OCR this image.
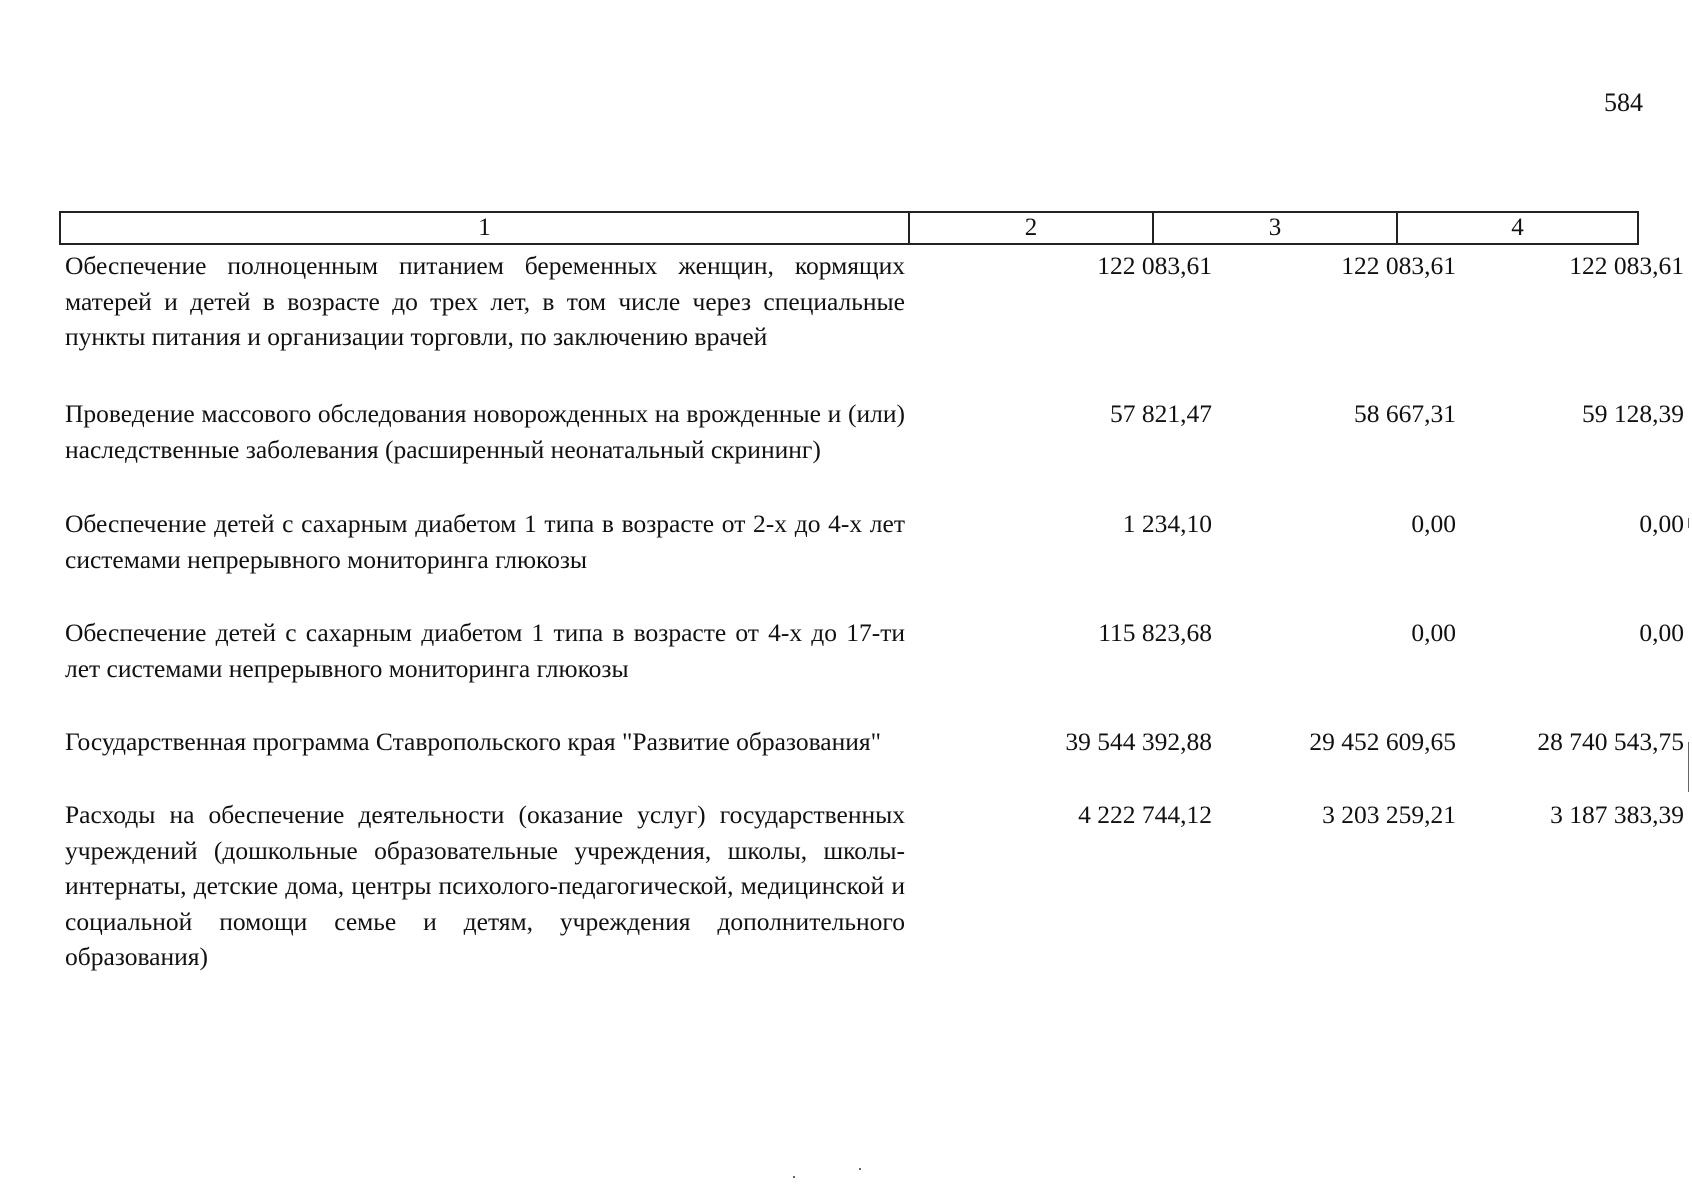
584
1	2	3	4
Обеспечение полноценным питанием беременных женщин, кормящих матерей и детей в возрасте до трех лет, в том числе через специальные пункты питания и организации торговли, по заключению врачей
122 083,61	122 083,61	122 083,61
Проведение массового обследования новорожденных на врожденные и (или) наследственные заболевания (расширенный неонатальный скрининг)
57 821,47	58 667,31	59 128,39
Обеспечение детей с сахарным диабетом 1 типа в возрасте от 2-х до 4-х лет системами непрерывного мониторинга глюкозы
1 234,10	0,00	0,00
Обеспечение детей с сахарным диабетом 1 типа в возрасте от 4-х до 17-ти лет системами непрерывного мониторинга глюкозы
115 823,68	0,00	0,00
Государственная программа Ставропольского края "Развитие образования"	39 544 392,88	29 452 609,65	28 740 543,75
Расходы на обеспечение деятельности (оказание услуг) государственных учреждений (дошкольные образовательные учреждения, школы, школы-интернаты, детские дома, центры психолого-педагогической, медицинской и социальной помощи семье и детям, учреждения дополнительного образования)
4 222 744,12	3 203 259,21	3 187 383,39
